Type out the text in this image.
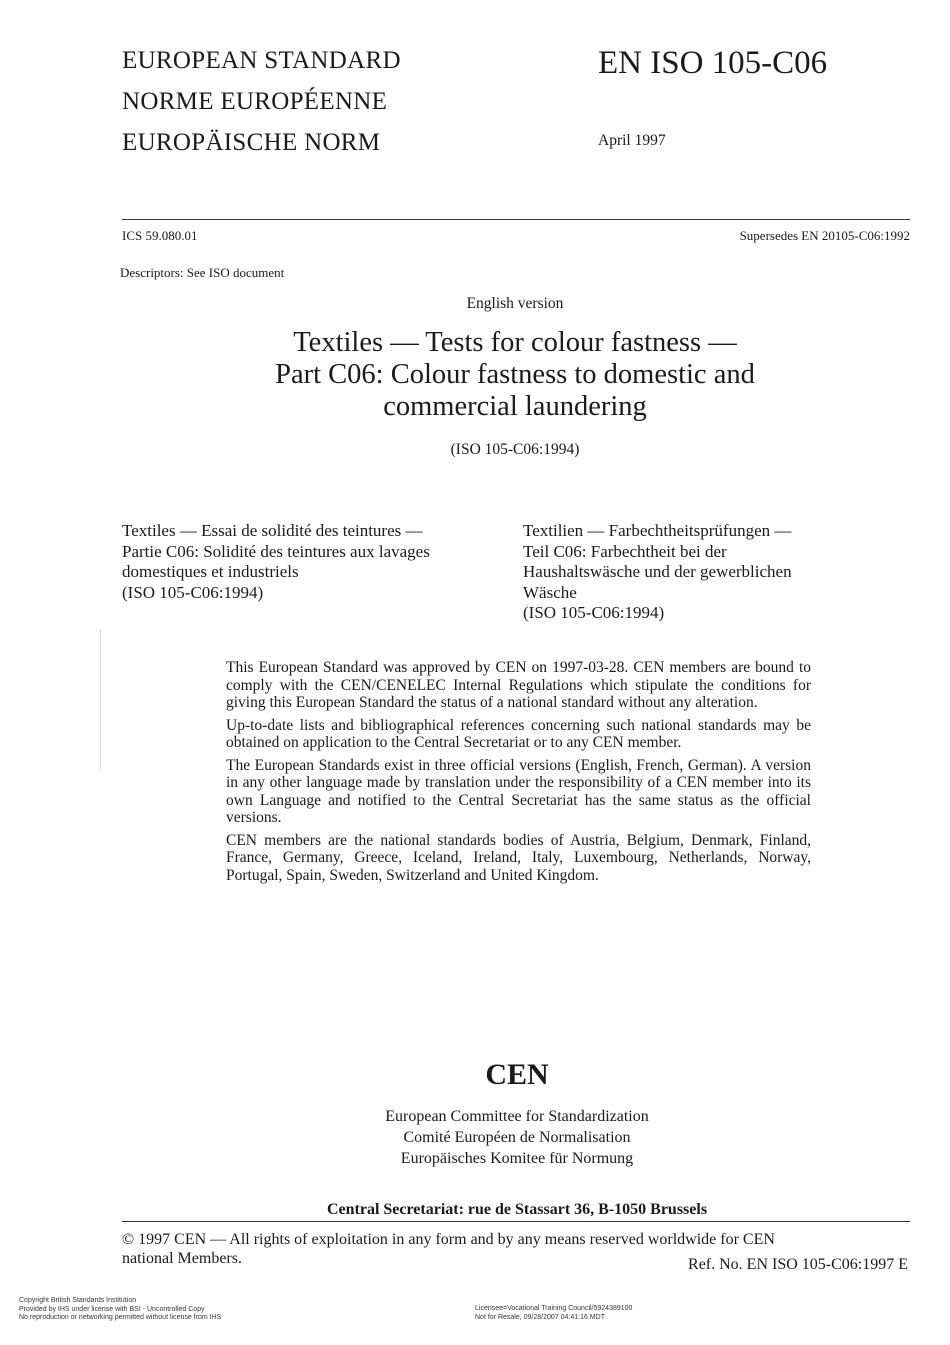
EUROPEAN STANDARD
NORME EUROPÉENNE
EUROPÄISCHE NORM
EN ISO 105-C06
April 1997
ICS 59.080.01	Supersedes EN 20105-C06:1992
Descriptors: See ISO document
English version
Textiles — Tests for colour fastness —
Part C06: Colour fastness to domestic and
commercial laundering
(ISO 105-C06:1994)
Textiles — Essai de solidité des teintures —
Partie C06: Solidité des teintures aux lavages
domestiques et industriels
(ISO 105-C06:1994)
Textilien — Farbechtheitsprüfungen —
Teil C06: Farbechtheit bei der
Haushaltswäsche und der gewerblichen
Wäsche
(ISO 105-C06:1994)

This European Standard was approved by CEN on 1997-03-28. CEN members are bound to comply with the CEN/CENELEC Internal Regulations which stipulate the conditions for giving this European Standard the status of a national standard without any alteration.

Up-to-date lists and bibliographical references concerning such national standards may be obtained on application to the Central Secretariat or to any CEN member.

The European Standards exist in three official versions (English, French, German). A version in any other language made by translation under the responsibility of a CEN member into its own Language and notified to the Central Secretariat has the same status as the official versions.

CEN members are the national standards bodies of Austria, Belgium, Denmark, Finland, France, Germany, Greece, Iceland, Ireland, Italy, Luxembourg, Netherlands, Norway, Portugal, Spain, Sweden, Switzerland and United Kingdom.

CEN
European Committee for Standardization
Comité Européen de Normalisation
Europäisches Komitee für Normung
Central Secretariat: rue de Stassart 36, B-1050 Brussels
© 1997 CEN — All rights of exploitation in any form and by any means reserved worldwide for CEN
national Members.	Ref. No. EN ISO 105-C06:1997 E
Copyright British Standards Institution
Provided by IHS under license with BSI - Uncontrolled Copy
No reproduction or networking permitted without license from IHS
Licensee=Vocational Training Council/5924389100
Not for Resale, 09/28/2007 04:41:16 MDT
